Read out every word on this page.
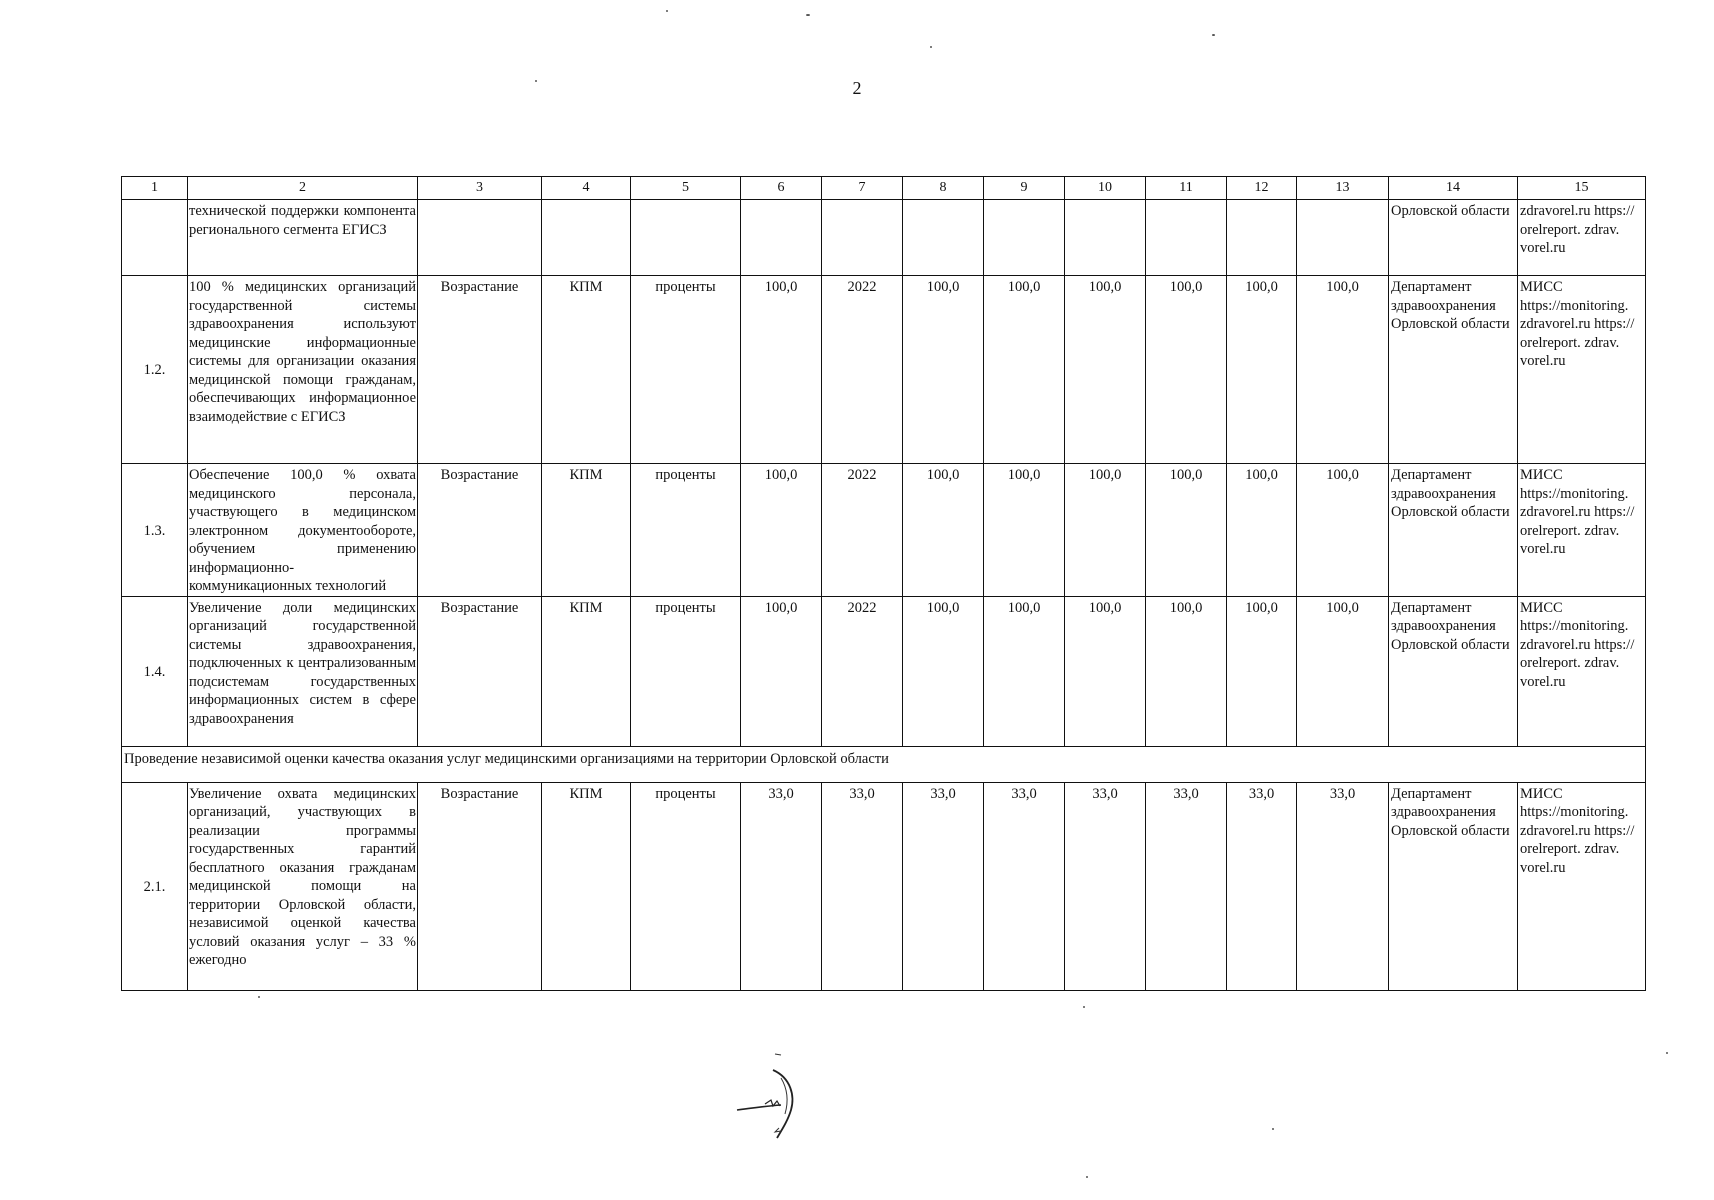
2
1	2	3	4	5	6	7	8	9	10	11	12	13	14	15
	технической поддержки компонента регионального сегмента ЕГИСЗ												Орловской области	zdravorel.ru https:// orelreport. zdrav. vorel.ru
1.2.	100 % медицинских организаций государственной системы здравоохранения используют медицинские информационные системы для организации оказания медицинской помощи гражданам, обеспечивающих информационное взаимодействие с ЕГИСЗ	Возрастание	КПМ	проценты	100,0	2022	100,0	100,0	100,0	100,0	100,0	100,0	Департамент здравоохранения Орловской области	МИСС https://monitoring. zdravorel.ru https:// orelreport. zdrav. vorel.ru
1.3.	Обеспечение 100,0 % охвата медицинского персонала, участвующего в медицинском электронном документообороте, обучением применению информационно-коммуникационных технологий	Возрастание	КПМ	проценты	100,0	2022	100,0	100,0	100,0	100,0	100,0	100,0	Департамент здравоохранения Орловской области	МИСС https://monitoring. zdravorel.ru https:// orelreport. zdrav. vorel.ru
1.4.	Увеличение доли медицинских организаций государственной системы здравоохранения, подключенных к централизованным подсистемам государственных информационных систем в сфере здравоохранения	Возрастание	КПМ	проценты	100,0	2022	100,0	100,0	100,0	100,0	100,0	100,0	Департамент здравоохранения Орловской области	МИСС https://monitoring. zdravorel.ru https:// orelreport. zdrav. vorel.ru
Проведение независимой оценки качества оказания услуг медицинскими организациями на территории Орловской области														
2.1.	Увеличение охвата медицинских организаций, участвующих в реализации программы государственных гарантий бесплатного оказания гражданам медицинской помощи на территории Орловской области, независимой оценкой качества условий оказания услуг – 33 % ежегодно	Возрастание	КПМ	проценты	33,0	33,0	33,0	33,0	33,0	33,0	33,0	33,0	Департамент здравоохранения Орловской области	МИСС https://monitoring. zdravorel.ru https:// orelreport. zdrav. vorel.ru
